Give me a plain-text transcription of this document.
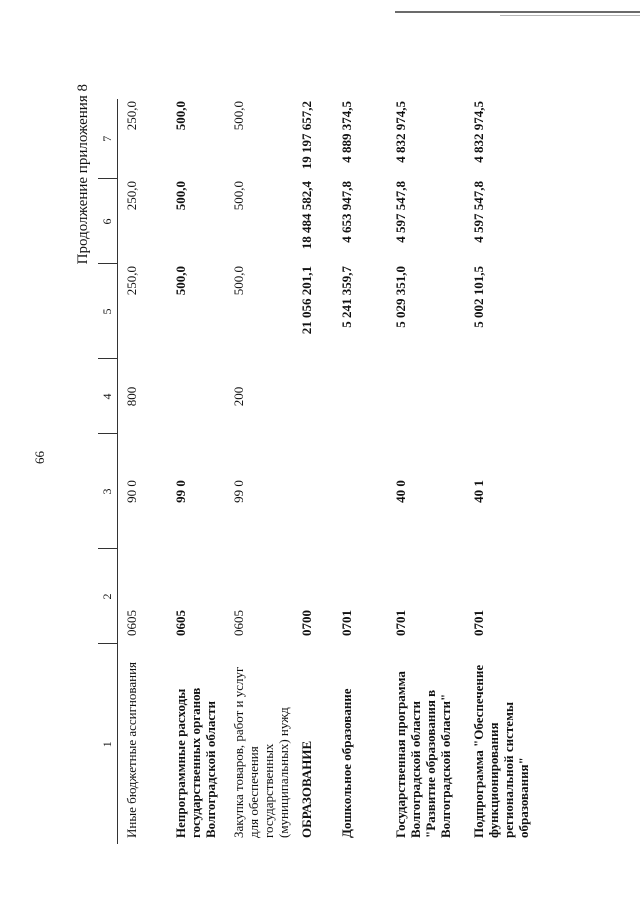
66
Продолжение приложения 8
1	2	3	4	5	6	7
Иные бюджетные ассигнования	0605	90 0	800	250,0	250,0	250,0
Непрограммные расходы государственных органов Волгоградской области	0605	99 0		500,0	500,0	500,0
Закупка товаров, работ и услуг для обеспечения государственных (муниципальных) нужд	0605	99 0	200	500,0	500,0	500,0
ОБРАЗОВАНИЕ	0700			21 056 201,1	18 484 582,4	19 197 657,2
Дошкольное образование	0701			5 241 359,7	4 653 947,8	4 889 374,5
Государственная программа Волгоградской области "Развитие образования в Волгоградской области"	0701	40 0		5 029 351,0	4 597 547,8	4 832 974,5
Подпрограмма "Обеспечение функционирования региональной системы образования"	0701	40 1		5 002 101,5	4 597 547,8	4 832 974,5
